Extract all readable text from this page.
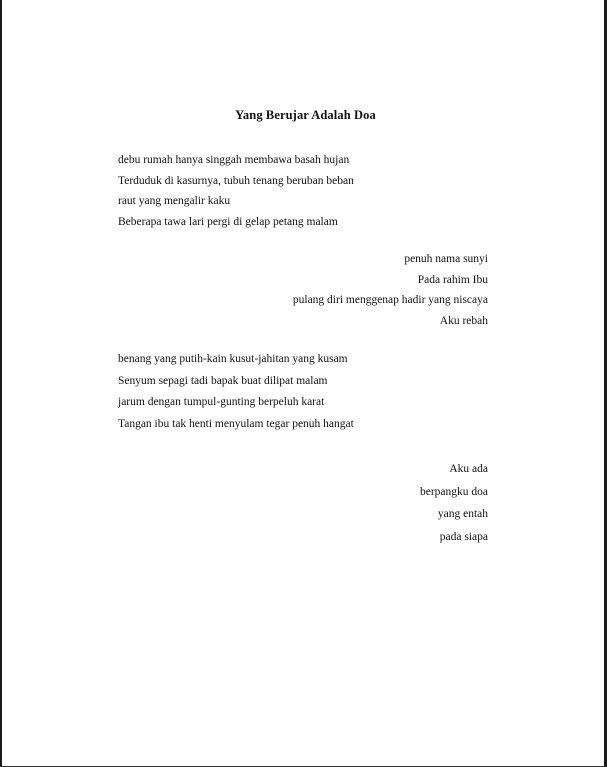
Yang Berujar Adalah Doa
debu rumah hanya singgah membawa basah hujan
Terduduk di kasurnya, tubuh tenang beruban beban
raut yang mengalir kaku
Beberapa tawa lari pergi di gelap petang malam
penuh nama sunyi
Pada rahim Ibu
pulang diri menggenap hadir yang niscaya
Aku rebah
benang yang putih-kain kusut-jahitan yang kusam
Senyum sepagi tadi bapak buat dilipat malam
jarum dengan tumpul-gunting berpeluh karat
Tangan ibu tak henti menyulam tegar penuh hangat
Aku ada
berpangku doa
yang entah
pada siapa
